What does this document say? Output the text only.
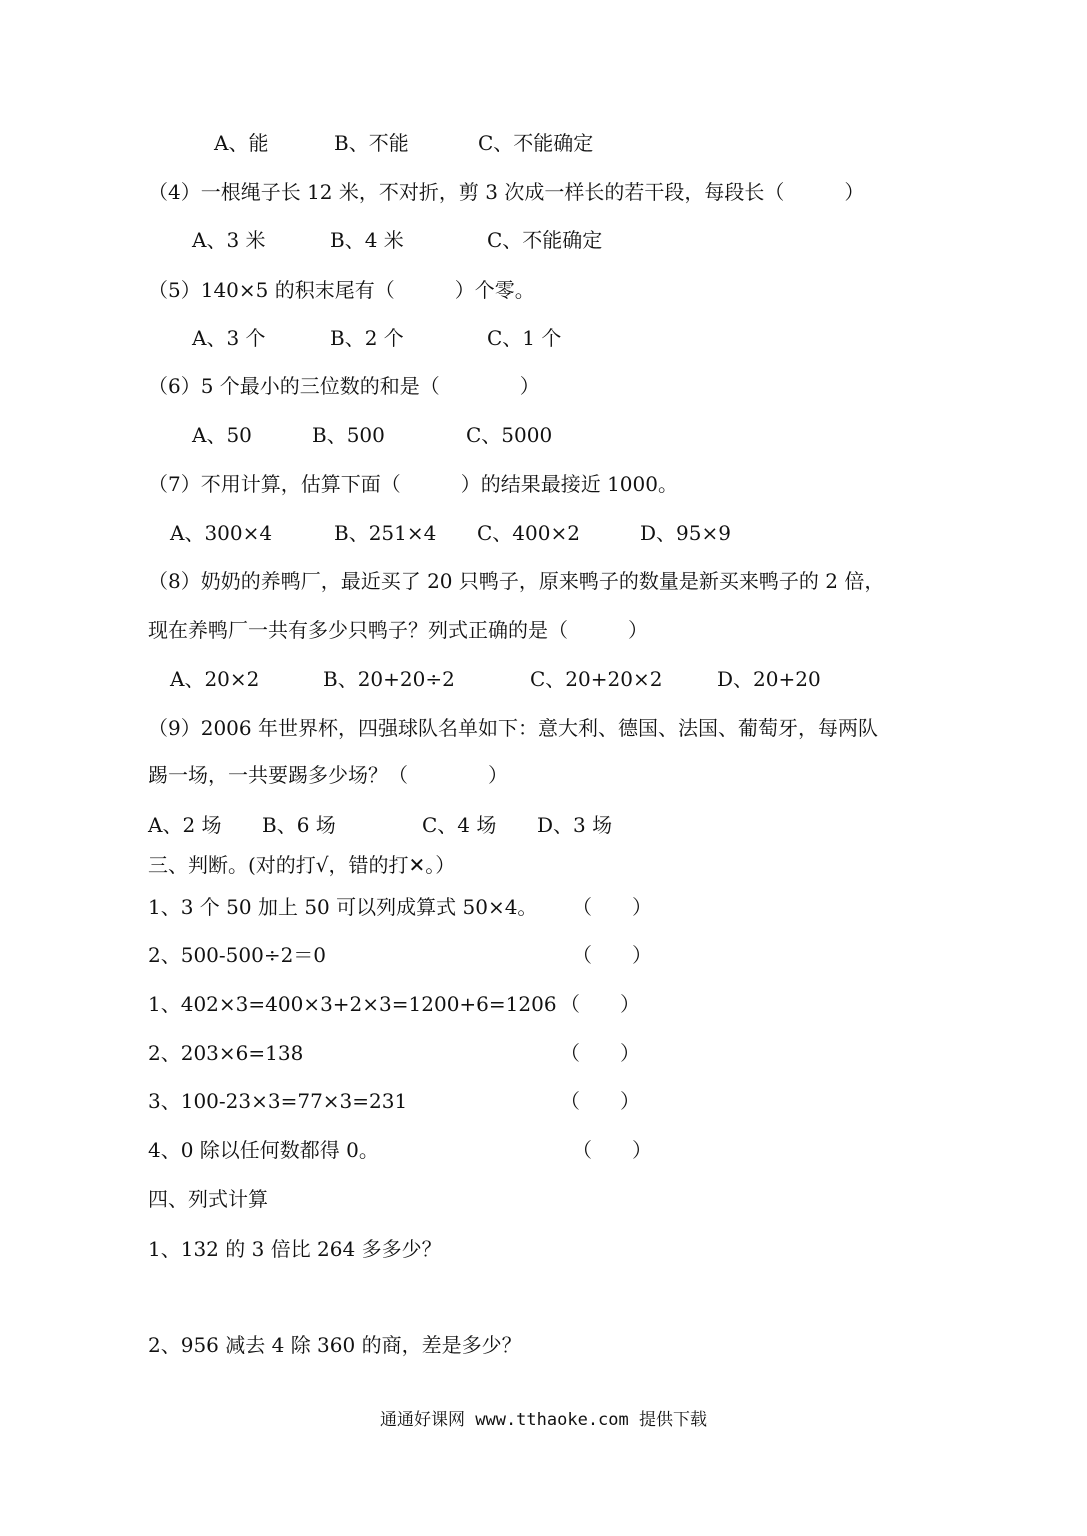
A、能	B、不能	C、不能确定
（4）一根绳子长 12 米，不对折，剪 3 次成一样长的若干段，每段长（　　　）
A、3 米	B、4 米	C、不能确定
（5）140×5 的积末尾有（　　　）个零。
A、3 个	B、2 个	C、1 个
（6）5 个最小的三位数的和是（　　　　）
A、50	B、500	C、5000
（7）不用计算，估算下面（　　　）的结果最接近 1000。
A、300×4	B、251×4 C、400×2	D、95×9
（8）奶奶的养鸭厂，最近买了 20 只鸭子，原来鸭子的数量是新买来鸭子的 2 倍，
现在养鸭厂一共有多少只鸭子？列式正确的是（　　　）
A、20×2	B、20+20÷2	C、20+20×2	D、20+20
（9）2006 年世界杯，四强球队名单如下：意大利、德国、法国、葡萄牙，每两队
踢一场，一共要踢多少场？（　　　　）
A、2 场 B、6 场	C、4 场 D、3 场
三、判断。(对的打√，错的打✕。）
1、3 个 50 加上 50 可以列成算式 50×4。 （　　）
2、500-500÷2＝0	（　　）
1、402×3=400×3+2×3=1200+6=1206 （　　）
2、203×6=138	（　　）
3、100-23×3=77×3=231	（　　）
4、0 除以任何数都得 0。	（　　）
四、列式计算
1、132 的 3 倍比 264 多多少？
2、956 减去 4 除 360 的商，差是多少？
通通好课网 www.tthaoke.com 提供下载
